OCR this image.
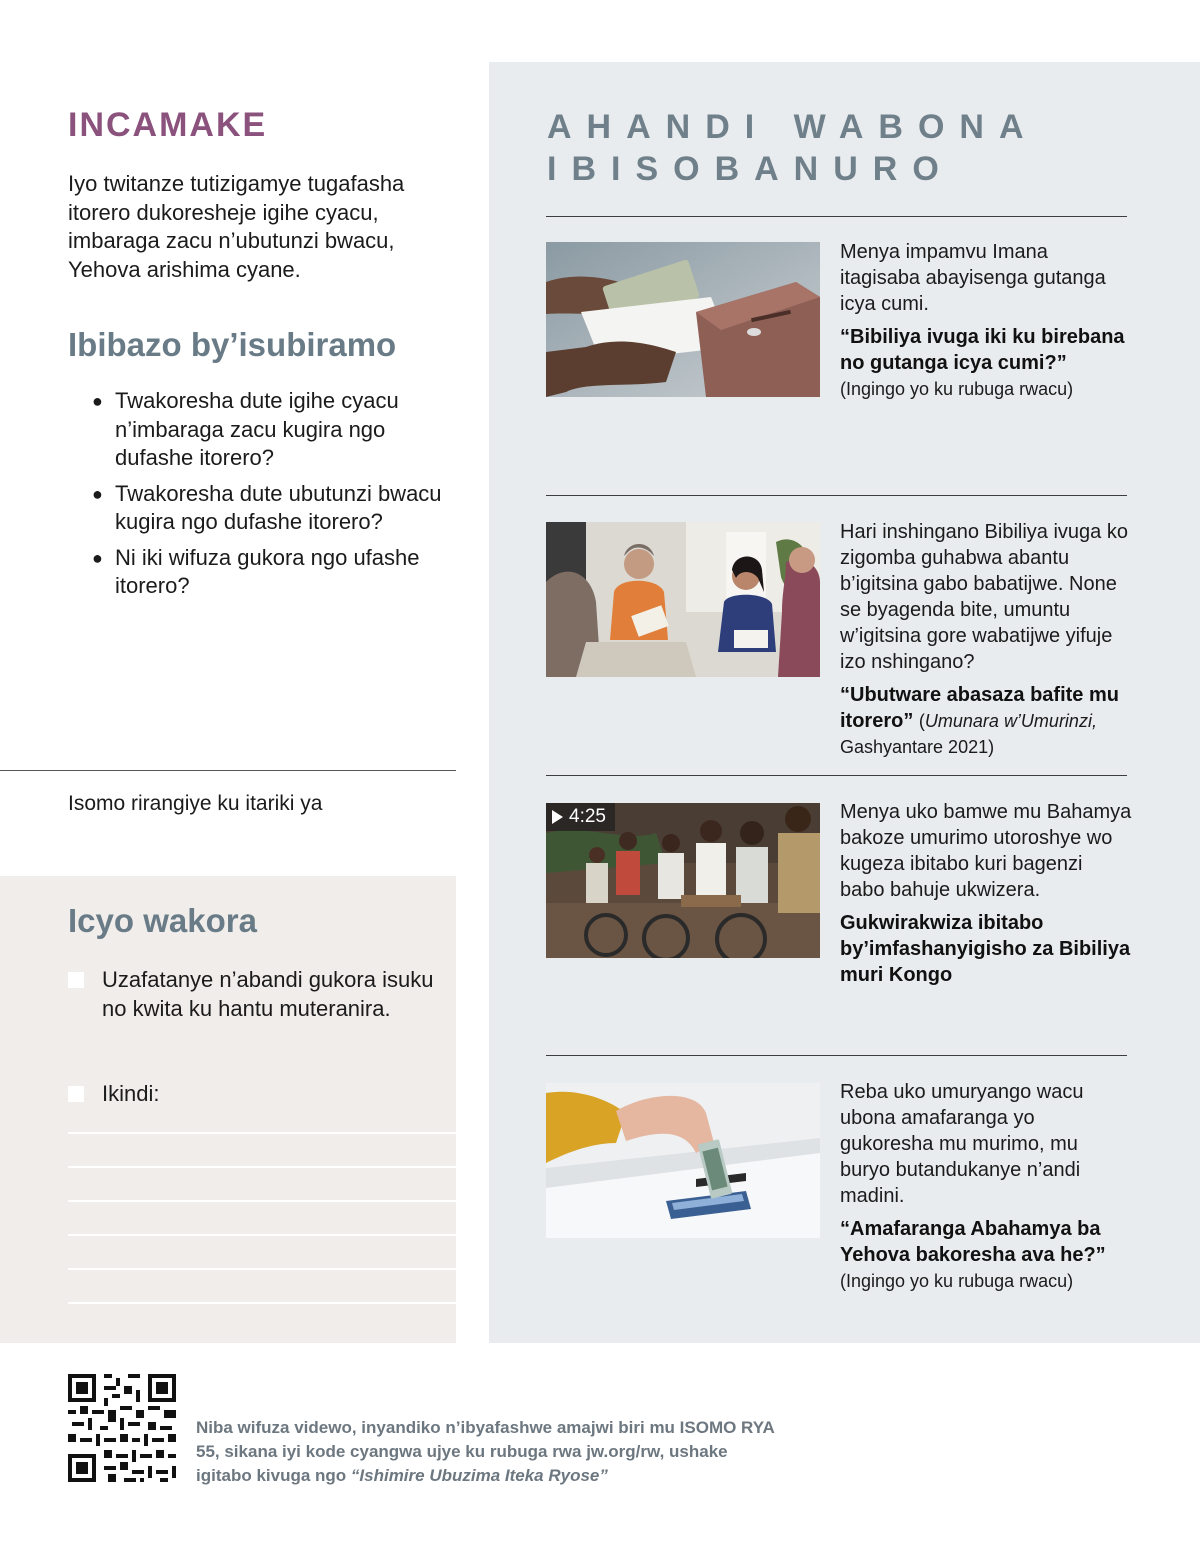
INCAMAKE

Iyo twitanze tutizigamye tugafasha itorero dukoresheje igihe cyacu, imbaraga zacu n’ubutunzi bwacu, Yehova arishima cyane.

Ibibazo by’isubiramo
● Twakoresha dute igihe cyacu n’imbaraga zacu kugira ngo dufashe itorero?
● Twakoresha dute ubutunzi bwacu kugira ngo dufashe itorero?
● Ni iki wifuza gukora ngo ufashe itorero?

Isomo rirangiye ku itariki ya

Icyo wakora
Uzafatanye n’abandi gukora isuku no kwita ku hantu muteranira.
Ikindi:
AHANDI WABONA
IBISOBANURO

Menya impamvu Imana itagisaba abayisenga gutanga icya cumi.

“Bibiliya ivuga iki ku birebana no gutanga icya cumi?” (Ingingo yo ku rubuga rwacu)

Hari inshingano Bibiliya ivuga ko zigomba guhabwa abantu b’igitsina gabo babatijwe. None se byagenda bite, umuntu w’igitsina gore wabatijwe yifuje izo nshingano?

“Ubutware abasaza bafite mu itorero” (Umunara w’Umurinzi, Gashyantare 2021)

4:25	Menya uko bamwe mu Bahamya bakoze umurimo utoroshye wo kugeza ibitabo kuri bagenzi babo bahuje ukwizera.

Gukwirakwiza ibitabo by’imfashanyigisho za Bibiliya muri Kongo

Reba uko umuryango wacu ubona amafaranga yo gukoresha mu murimo, mu buryo butandukanye n’andi madini.

“Amafaranga Abahamya ba Yehova bakoresha ava he?” (Ingingo yo ku rubuga rwacu)

Niba wifuza videwo, inyandiko n’ibyafashwe amajwi biri mu ISOMO RYA 55, sikana iyi kode cyangwa ujye ku rubuga rwa jw.org/rw, ushake igitabo kivuga ngo “Ishimire Ubuzima Iteka Ryose”
